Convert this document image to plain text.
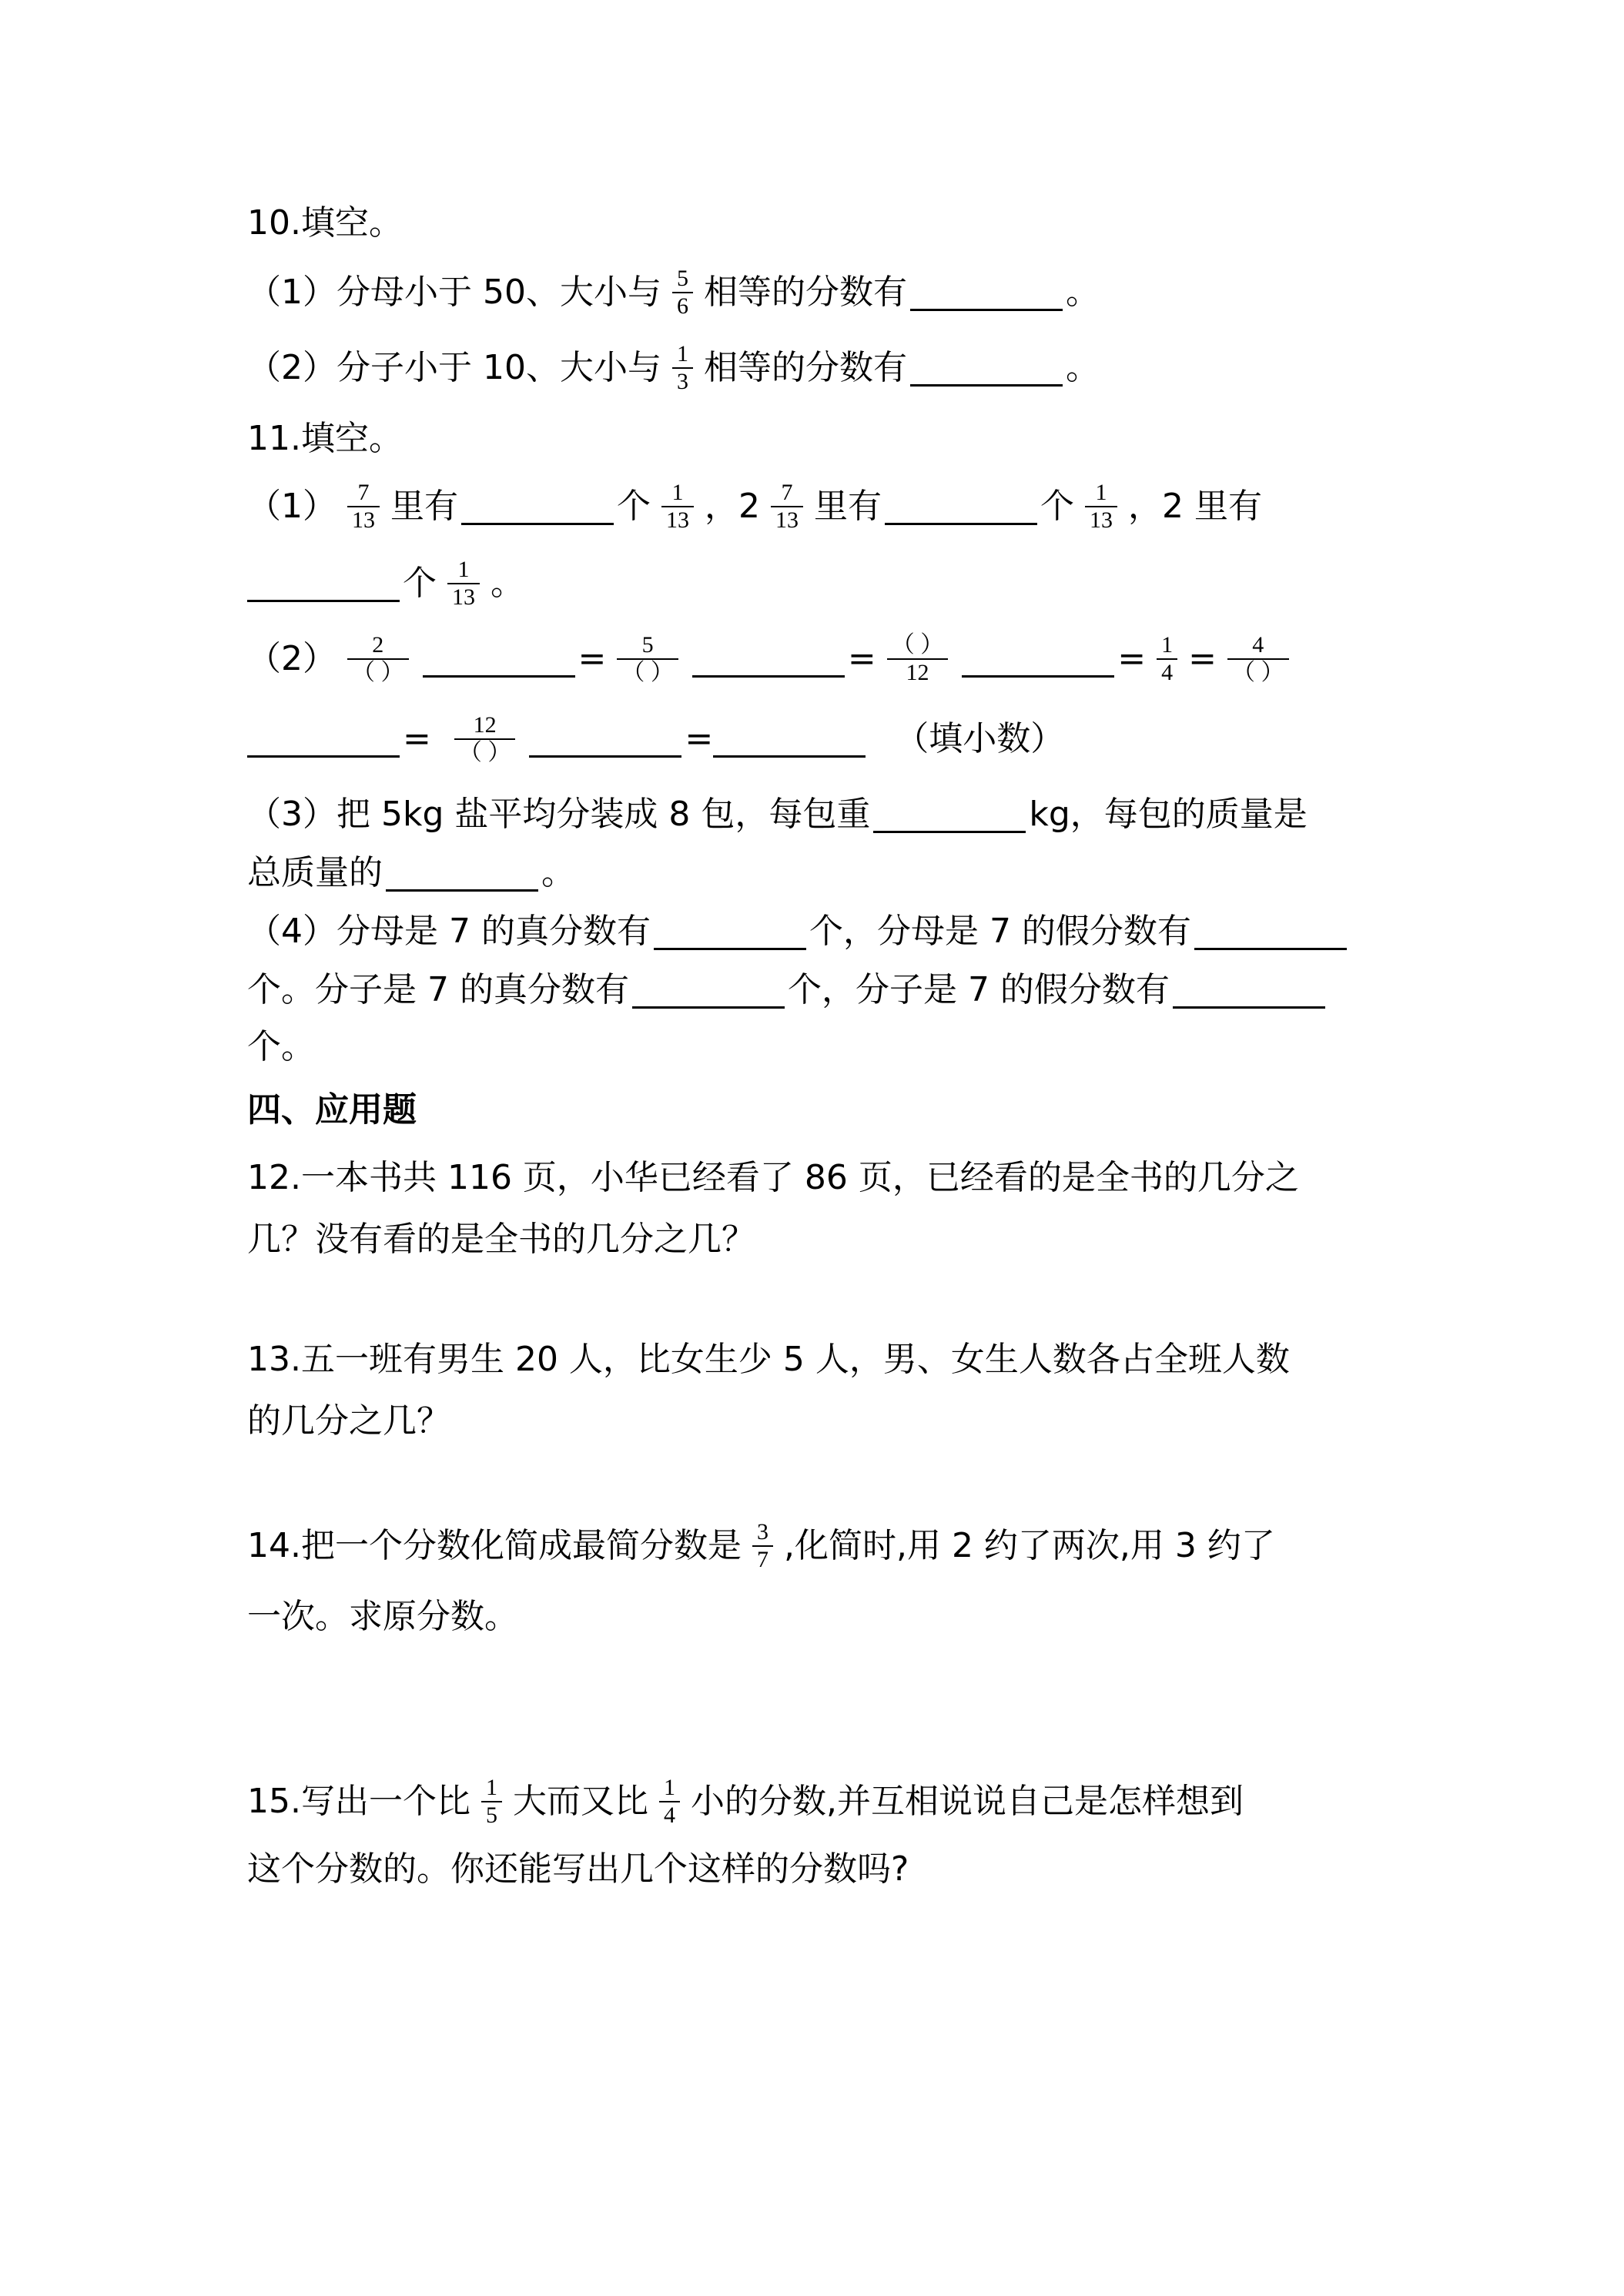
10.填空。
（1）分母小于 50、大小与 $\frac{5}{6}$ 相等的分数有	。
（2）分子小于 10、大小与 $\frac{1}{3}$ 相等的分数有	。
11.填空。
$(1) \frac{7}{13}$ 里有	个 $\frac{1}{13}$ ，$2 \frac{7}{13}$ 里有	个 $\frac{1}{13}$ ，2 里有
个 $\frac{1}{13}$ 。
$(2) \frac{2}{( )}$	= $\frac{5}{( )}$	= $\frac{( )}{12}$	= $\frac{1}{4} = \frac{4}{( )}$
= $\frac{12}{( )}$	=	（填小数）
（3）把 5kg 盐平均分装成 8 包，每包重	kg，每包的质量是
总质量的	。
（4）分母是 7 的真分数有	个，分母是 7 的假分数有
个。分子是 7 的真分数有	个，分子是 7 的假分数有
个。
四、应用题
12.一本书共 116 页，小华已经看了 86 页，已经看的是全书的几分之
几？没有看的是全书的几分之几？
13.五一班有男生 20 人，比女生少 5 人，男、女生人数各占全班人数
的几分之几？
14.把一个分数化简成最简分数是 $\frac{3}{7}$ ,化简时,用 2 约了两次,用 3 约了
一次。求原分数。
15.写出一个比 $\frac{1}{5}$ 大而又比 $\frac{1}{4}$ 小的分数,并互相说说自己是怎样想到
这个分数的。你还能写出几个这样的分数吗?
